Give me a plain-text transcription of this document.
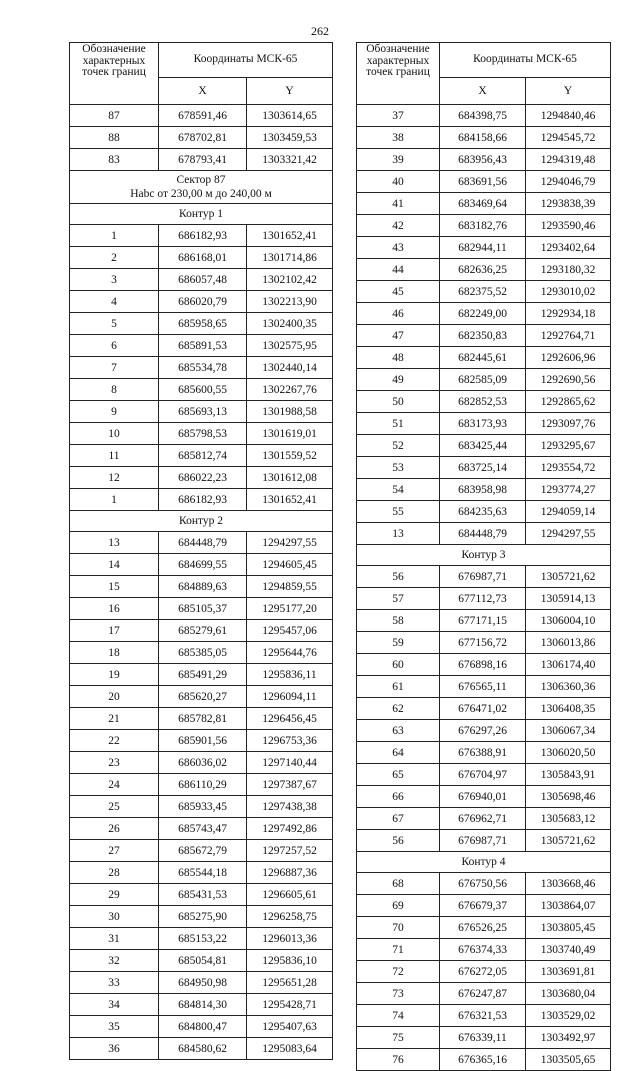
262
Обозначение характерных точек границ	Координаты МСК-65	
	X	Y
87	678591,46	1303614,65
88	678702,81	1303459,53
83	678793,41	1303321,42

Сектор 87
Нabс от 230,00 м до 240,00 м		

Контур 1		
1	686182,93	1301652,41
2	686168,01	1301714,86
3	686057,48	1302102,42
4	686020,79	1302213,90
5	685958,65	1302400,35
6	685891,53	1302575,95
7	685534,78	1302440,14
8	685600,55	1302267,76
9	685693,13	1301988,58
10	685798,53	1301619,01
11	685812,74	1301559,52
12	686022,23	1301612,08
1	686182,93	1301652,41
Контур 2		
13	684448,79	1294297,55
14	684699,55	1294605,45
15	684889,63	1294859,55
16	685105,37	1295177,20
17	685279,61	1295457,06
18	685385,05	1295644,76
19	685491,29	1295836,11
20	685620,27	1296094,11
21	685782,81	1296456,45
22	685901,56	1296753,36
23	686036,02	1297140,44
24	686110,29	1297387,67
25	685933,45	1297438,38
26	685743,47	1297492,86
27	685672,79	1297257,52
28	685544,18	1296887,36
29	685431,53	1296605,61
30	685275,90	1296258,75
31	685153,22	1296013,36
32	685054,81	1295836,10
33	684950,98	1295651,28
34	684814,30	1295428,71
35	684800,47	1295407,63
36	684580,62	1295083,64
Обозначение характерных точек границ	Координаты МСК-65	
	X	Y
37	684398,75	1294840,46
38	684158,66	1294545,72
39	683956,43	1294319,48
40	683691,56	1294046,79
41	683469,64	1293838,39
42	683182,76	1293590,46
43	682944,11	1293402,64
44	682636,25	1293180,32
45	682375,52	1293010,02
46	682249,00	1292934,18
47	682350,83	1292764,71
48	682445,61	1292606,96
49	682585,09	1292690,56
50	682852,53	1292865,62
51	683173,93	1293097,76
52	683425,44	1293295,67
53	683725,14	1293554,72
54	683958,98	1293774,27
55	684235,63	1294059,14
13	684448,79	1294297,55
Контур 3		
56	676987,71	1305721,62
57	677112,73	1305914,13
58	677171,15	1306004,10
59	677156,72	1306013,86
60	676898,16	1306174,40
61	676565,11	1306360,36
62	676471,02	1306408,35
63	676297,26	1306067,34
64	676388,91	1306020,50
65	676704,97	1305843,91
66	676940,01	1305698,46
67	676962,71	1305683,12
56	676987,71	1305721,62
Контур 4		
68	676750,56	1303668,46
69	676679,37	1303864,07
70	676526,25	1303805,45
71	676374,33	1303740,49
72	676272,05	1303691,81
73	676247,87	1303680,04
74	676321,53	1303529,02
75	676339,11	1303492,97
76	676365,16	1303505,65
